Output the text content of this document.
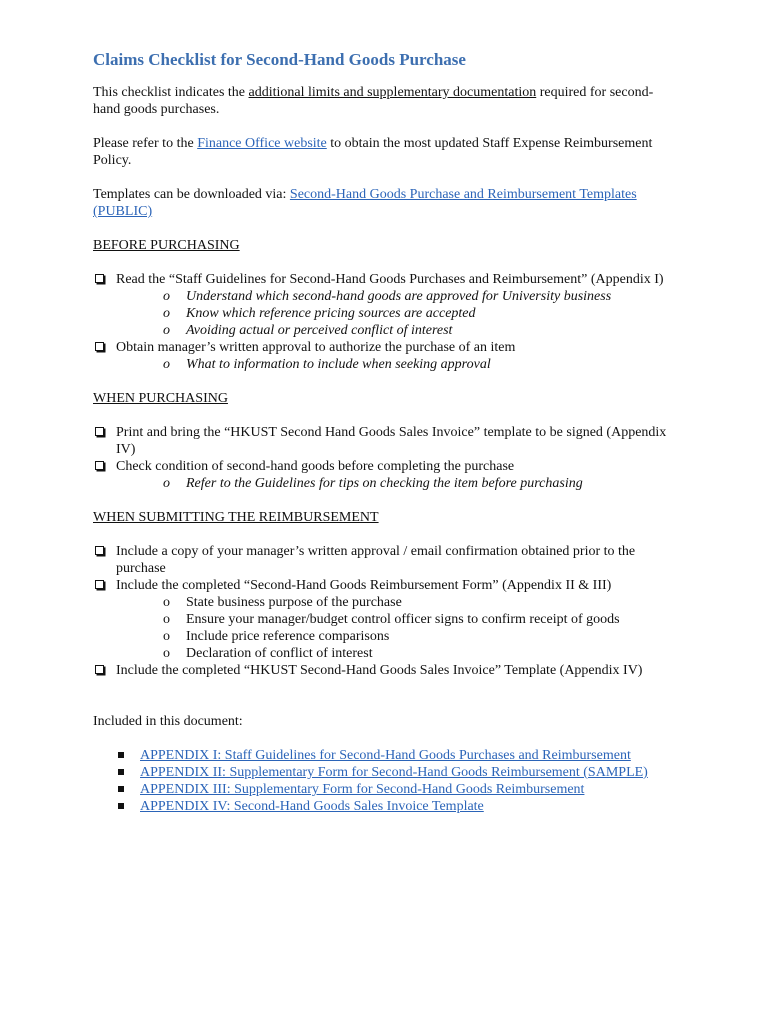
Claims Checklist for Second-Hand Goods Purchase

This checklist indicates the additional limits and supplementary documentation required for second-hand goods purchases.

Please refer to the Finance Office website to obtain the most updated Staff Expense Reimbursement Policy.

Templates can be downloaded via: Second-Hand Goods Purchase and Reimbursement Templates (PUBLIC)

BEFORE PURCHASING
Read the “Staff Guidelines for Second-Hand Goods Purchases and Reimbursement” (Appendix I)
o Understand which second-hand goods are approved for University business
o Know which reference pricing sources are accepted
o Avoiding actual or perceived conflict of interest
Obtain manager’s written approval to authorize the purchase of an item
o What to information to include when seeking approval
WHEN PURCHASING
Print and bring the “HKUST Second Hand Goods Sales Invoice” template to be signed (Appendix IV)
Check condition of second-hand goods before completing the purchase
o Refer to the Guidelines for tips on checking the item before purchasing
WHEN SUBMITTING THE REIMBURSEMENT
Include a copy of your manager’s written approval / email confirmation obtained prior to the purchase
Include the completed “Second-Hand Goods Reimbursement Form” (Appendix II & III)
o State business purpose of the purchase
o Ensure your manager/budget control officer signs to confirm receipt of goods
o Include price reference comparisons
o Declaration of conflict of interest
Include the completed “HKUST Second-Hand Goods Sales Invoice” Template (Appendix IV)

Included in this document:

APPENDIX I: Staff Guidelines for Second-Hand Goods Purchases and Reimbursement
APPENDIX II: Supplementary Form for Second-Hand Goods Reimbursement (SAMPLE)
APPENDIX III: Supplementary Form for Second-Hand Goods Reimbursement
APPENDIX IV: Second-Hand Goods Sales Invoice Template
